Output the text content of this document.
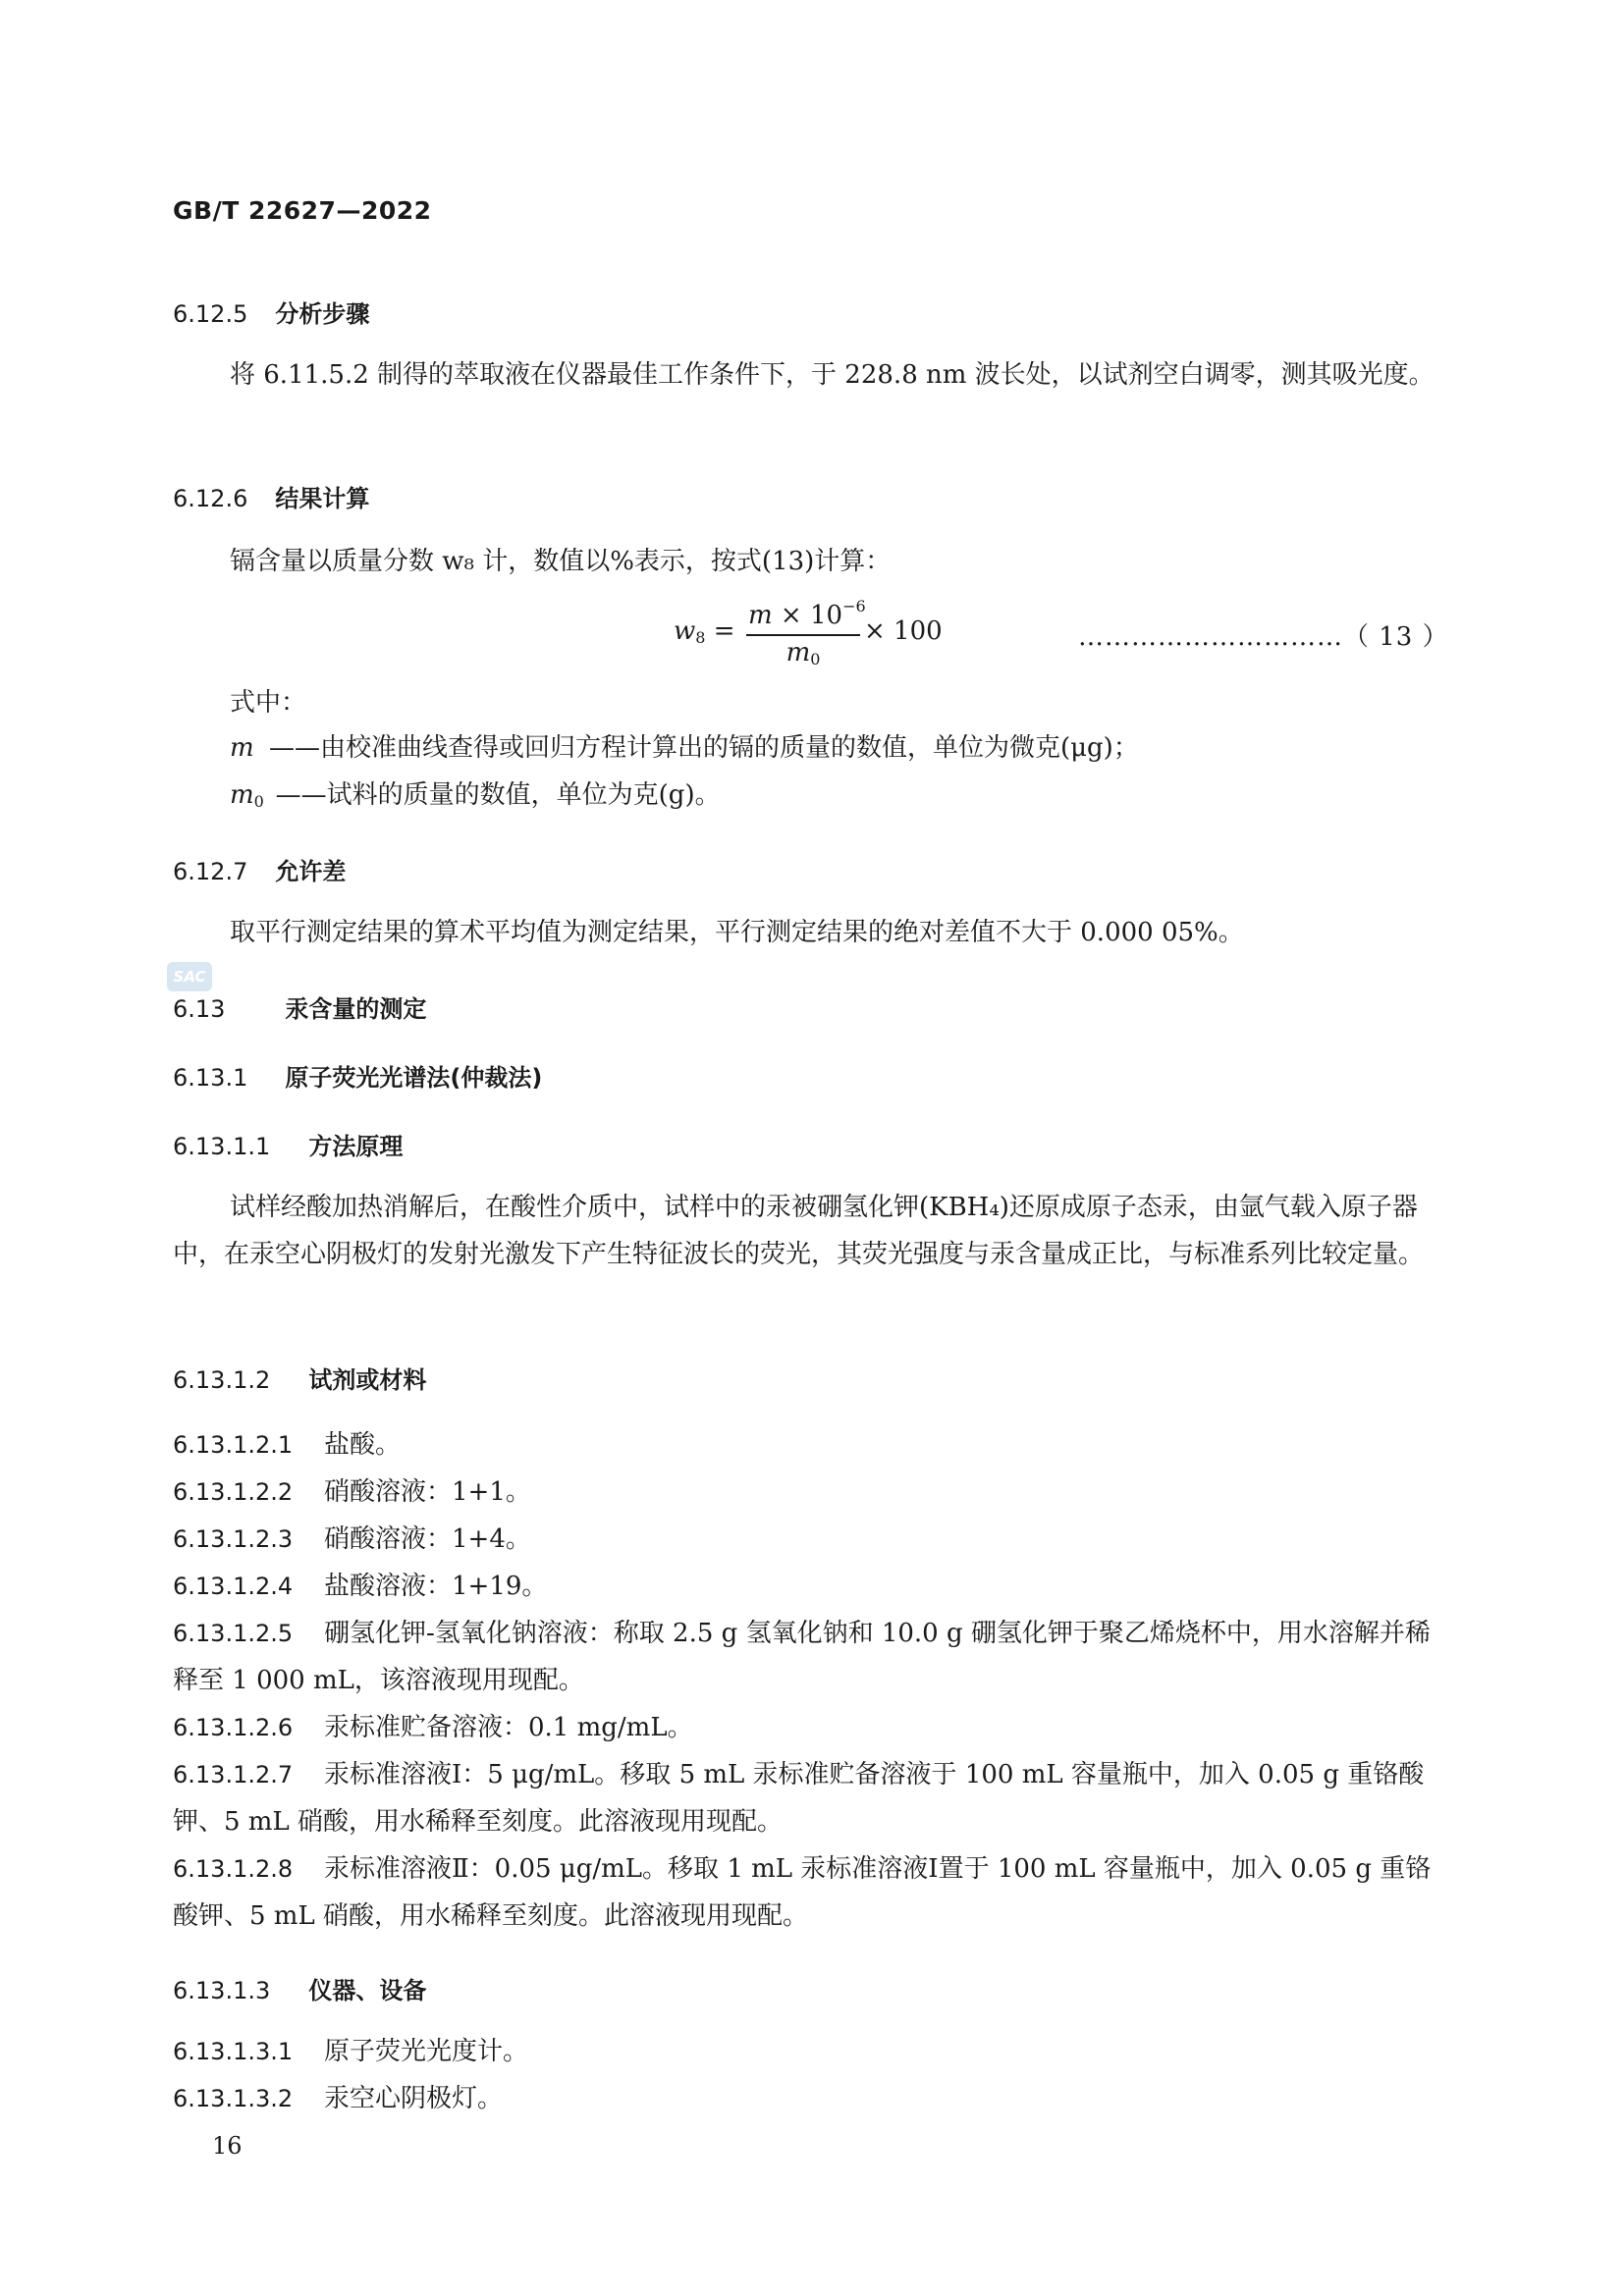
GB/T 22627—2022
6.12.5 分析步骤
将 6.11.5.2 制得的萃取液在仪器最佳工作条件下，于 228.8 nm 波长处，以试剂空白调零，测其吸光度。
6.12.6 结果计算
镉含量以质量分数 w₈ 计，数值以%表示，按式(13)计算：
$w_8$ =
$m \times 10^{-6}$
$m_0$
× 100	…………………………（ 13 ）
式中：
m ——由校准曲线查得或回归方程计算出的镉的质量的数值，单位为微克(μg)；
m0 ——试料的质量的数值，单位为克(g)。
6.12.7 允许差
取平行测定结果的算术平均值为测定结果，平行测定结果的绝对差值不大于 0.000 05%。
SAC
6.13	汞含量的测定
6.13.1 原子荧光光谱法(仲裁法)
6.13.1.1 方法原理
试样经酸加热消解后，在酸性介质中，试样中的汞被硼氢化钾(KBH₄)还原成原子态汞，由氩气载入原子器中，在汞空心阴极灯的发射光激发下产生特征波长的荧光，其荧光强度与汞含量成正比，与标准系列比较定量。
6.13.1.2 试剂或材料
6.13.1.2.1 盐酸。
6.13.1.2.2 硝酸溶液：1+1。
6.13.1.2.3 硝酸溶液：1+4。
6.13.1.2.4 盐酸溶液：1+19。
6.13.1.2.5 硼氢化钾-氢氧化钠溶液：称取 2.5 g 氢氧化钠和 10.0 g 硼氢化钾于聚乙烯烧杯中，用水溶解并稀释至 1 000 mL，该溶液现用现配。
6.13.1.2.6 汞标准贮备溶液：0.1 mg/mL。
6.13.1.2.7 汞标准溶液Ⅰ：5 μg/mL。移取 5 mL 汞标准贮备溶液于 100 mL 容量瓶中，加入 0.05 g 重铬酸钾、5 mL 硝酸，用水稀释至刻度。此溶液现用现配。
6.13.1.2.8 汞标准溶液Ⅱ：0.05 μg/mL。移取 1 mL 汞标准溶液Ⅰ置于 100 mL 容量瓶中，加入 0.05 g 重铬酸钾、5 mL 硝酸，用水稀释至刻度。此溶液现用现配。
6.13.1.3 仪器、设备
6.13.1.3.1 原子荧光光度计。
6.13.1.3.2 汞空心阴极灯。
16
